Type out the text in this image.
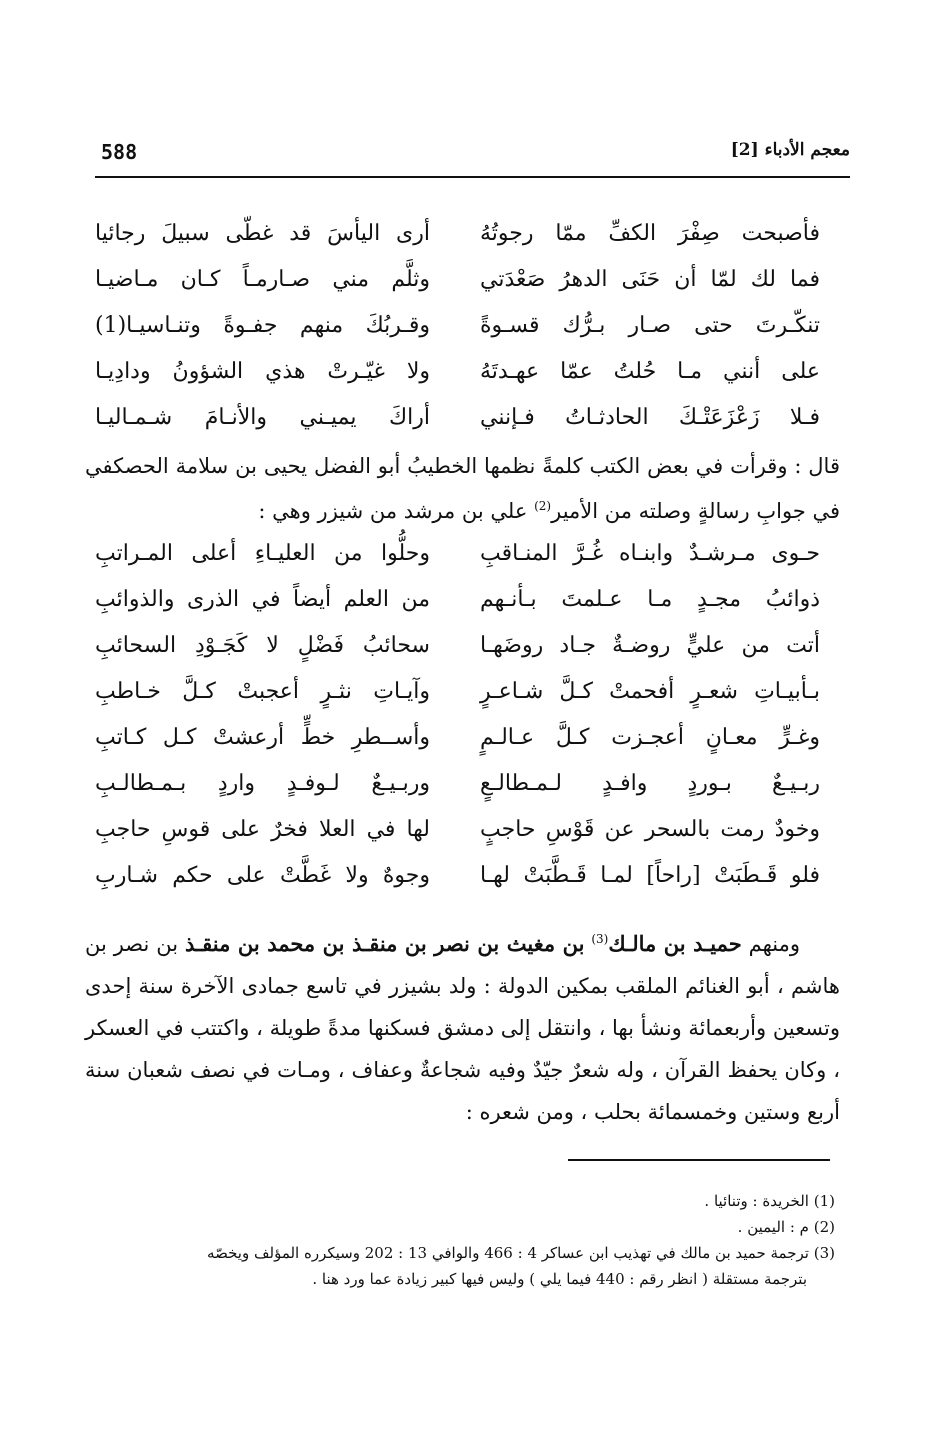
588	معجم الأدباء [2]
فأصبحت صِفْرَ الكفِّ ممّا رجوتُهُ
أرى اليأسَ قد غطّى سبيلَ رجائيا
فما لك لمّا أن حَنَى الدهرُ صَعْدَتي
وثلَّم مني صـارمـاً كـان مـاضيـا
تنكّـرتَ حتى صـار بـرُّك قسـوةً
وقـربُكَ منهم جفـوةً وتنـاسيـا(1)
على أنني مـا حُلتُ عمّا عهـدتَهُ
ولا غيّـرتْ هذي الشؤونُ ودادِيـا
فـلا زَعْزَعَتْـكَ الحادثـاتُ فـإنني
أراكَ يميـني والأنـامَ شـمـاليـا
قال : وقرأت في بعض الكتب كلمةً نظمها الخطيبُ أبو الفضل يحيى بن سلامة الحصكفي في جوابِ رسالةٍ وصلته من الأمير$^{(2)}$ علي بن مرشد من شيزر وهي :
حـوى مـرشـدٌ وابنـاه غُـرَّ المنـاقبِ
وحلُّوا من العليـاءِ أعلى المـراتبِ
ذوائبُ مجـدٍ مـا عـلمتَ بـأنـهم
من العلم أيضاً في الذرى والذوائبِ
أتت من عليٍّ روضـةٌ جـاد روضَهـا
سحائبُ فَضْلٍ لا كَجَـوْدِ السحائبِ
بـأبيـاتِ شعـرٍ أفحمتْ كـلَّ شـاعـرٍ
وآيـاتِ نثـرٍ أعجبتْ كـلَّ خـاطبِ
وغـرٍّ معـانٍ أعجـزت كـلَّ عـالـمٍ
وأســطرِ خطٍّ أرعشتْ كـل كـاتبِ
ربـيـعٌ بـوردٍ وافـدٍ لـمـطالـعٍ
وربـيـعٌ لـوفـدٍ واردٍ بـمـطالـبِ
وخودٌ رمت بالسحر عن قَوْسِ حاجبٍ
لها في العلا فخرٌ على قوسِ حاجبِ
فلو قَـطَبَتْ [راحاً] لمـا قَـطَّبَتْ لهـا
وجوهٌ ولا غَطَّتْ على حكم شـاربِ
ومنهم حميـد بن مالـك$^{(3)}$ بن مغيث بن نصر بن منقـذ بن محمد بن منقـذ بن نصر بن هاشم ، أبو الغنائم الملقب بمكين الدولة : ولد بشيزر في تاسع جمادى الآخرة سنة إحدى وتسعين وأربعمائة ونشأ بها ، وانتقل إلى دمشق فسكنها مدةً طويلة ، واكتتب في العسكر ، وكان يحفظ القرآن ، وله شعرٌ جيّدٌ وفيه شجاعةٌ وعفاف ، ومـات في نصف شعبان سنة أربع وستين وخمسمائة بحلب ، ومن شعره :
(1) الخريدة : وتنائيا .
(2) م : اليمين .
(3) ترجمة حميد بن مالك في تهذيب ابن عساكر 4 : 466 والوافي 13 : 202 وسيكرره المؤلف ويخصّه
بترجمة مستقلة ( انظر رقم : 440 فيما يلي ) وليس فيها كبير زيادة عما ورد هنا .
